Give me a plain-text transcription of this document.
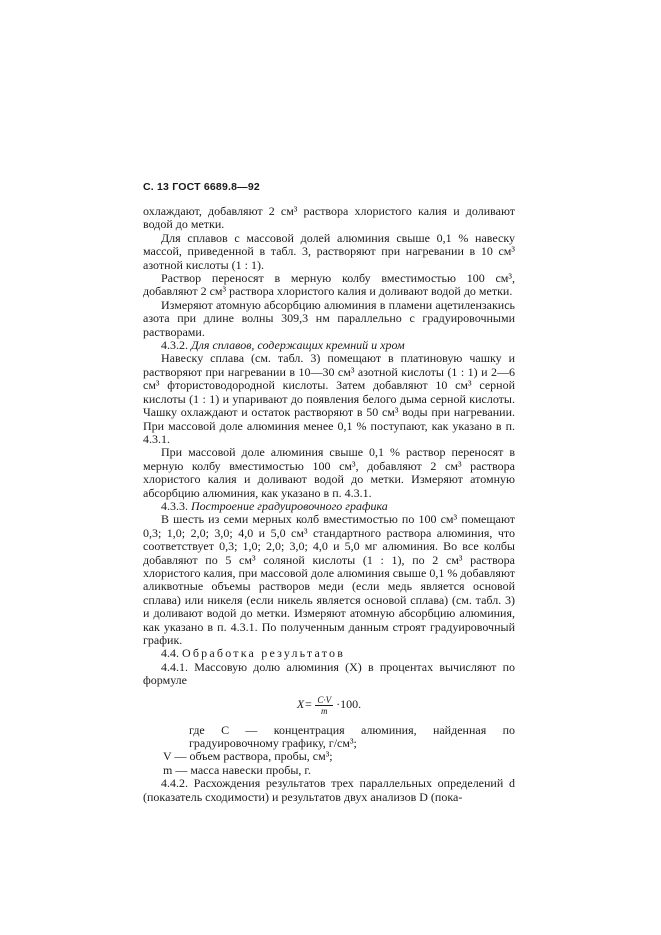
С. 13 ГОСТ 6689.8—92

охлаждают, добавляют 2 см³ раствора хлористого калия и доливают водой до метки.

Для сплавов с массовой долей алюминия свыше 0,1 % навеску массой, приведенной в табл. 3, растворяют при нагревании в 10 см³ азотной кислоты (1 : 1).

Раствор переносят в мерную колбу вместимостью 100 см³, добавляют 2 см³ раствора хлористого калия и доливают водой до метки.

Измеряют атомную абсорбцию алюминия в пламени ацетилензакись азота при длине волны 309,3 нм параллельно с градуировочными растворами.

4.3.2. Для сплавов, содержащих кремний и хром

Навеску сплава (см. табл. 3) помещают в платиновую чашку и растворяют при нагревании в 10—30 см³ азотной кислоты (1 : 1) и 2—6 см³ фтористоводородной кислоты. Затем добавляют 10 см³ серной кислоты (1 : 1) и упаривают до появления белого дыма серной кислоты. Чашку охлаждают и остаток растворяют в 50 см³ воды при нагревании. При массовой доле алюминия менее 0,1 % поступают, как указано в п. 4.3.1.

При массовой доле алюминия свыше 0,1 % раствор переносят в мерную колбу вместимостью 100 см³, добавляют 2 см³ раствора хлористого калия и доливают водой до метки. Измеряют атомную абсорбцию алюминия, как указано в п. 4.3.1.

4.3.3. Построение градуировочного графика

В шесть из семи мерных колб вместимостью по 100 см³ помещают 0,3; 1,0; 2,0; 3,0; 4,0 и 5,0 см³ стандартного раствора алюминия, что соответствует 0,3; 1,0; 2,0; 3,0; 4,0 и 5,0 мг алюминия. Во все колбы добавляют по 5 см³ соляной кислоты (1 : 1), по 2 см³ раствора хлористого калия, при массовой доле алюминия свыше 0,1 % добавляют аликвотные объемы растворов меди (если медь является основой сплава) или никеля (если никель является основой сплава) (см. табл. 3) и доливают водой до метки. Измеряют атомную абсорбцию алюминия, как указано в п. 4.3.1. По полученным данным строят градуировочный график.

4.4. Обработка результатов

4.4.1. Массовую долю алюминия (X) в процентах вычисляют по формуле

$X= \frac{C\cdot V}{m} \cdot 100$.

где C — концентрация алюминия, найденная по градуировочному графику, г/см³;

V — объем раствора, пробы, см³;

m — масса навески пробы, г.

4.4.2. Расхождения результатов трех параллельных определений d (показатель сходимости) и результатов двух анализов D (пока-
